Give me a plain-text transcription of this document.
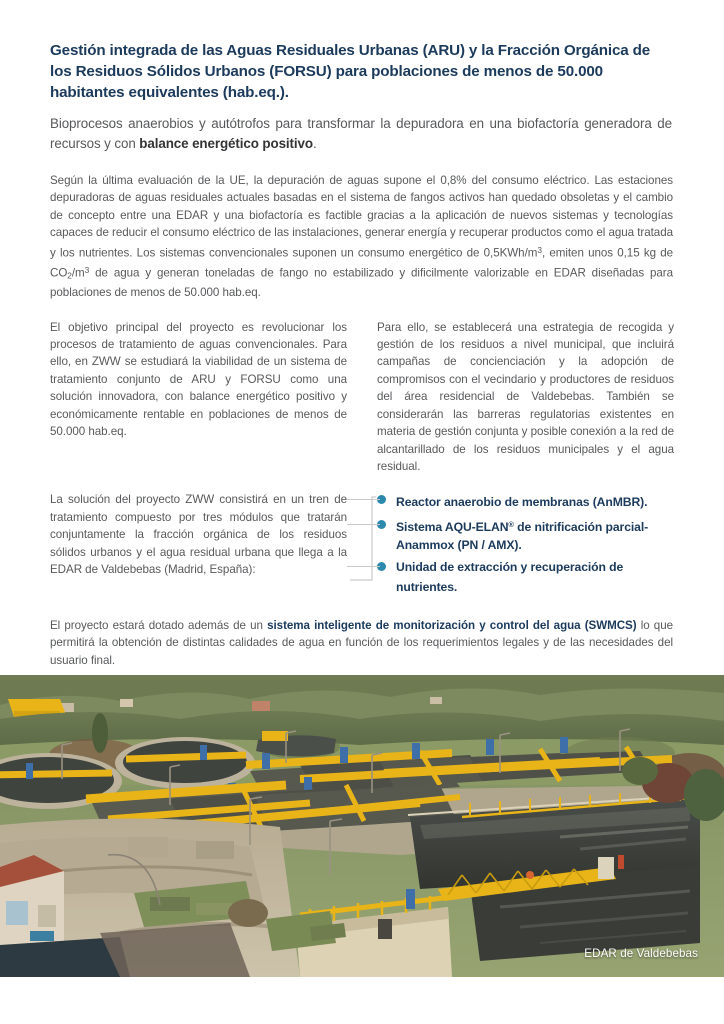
Gestión integrada de las Aguas Residuales Urbanas (ARU) y la Fracción Orgánica de los Residuos Sólidos Urbanos (FORSU) para poblaciones de menos de 50.000 habitantes equivalentes (hab.eq.).

Bioprocesos anaerobios y autótrofos para transformar la depuradora en una biofactoría generadora de recursos y con balance energético positivo.

Según la última evaluación de la UE, la depuración de aguas supone el 0,8% del consumo eléctrico. Las estaciones depuradoras de aguas residuales actuales basadas en el sistema de fangos activos han quedado obsoletas y el cambio de concepto entre una EDAR y una biofactoría es factible gracias a la aplicación de nuevos sistemas y tecnologías capaces de reducir el consumo eléctrico de las instalaciones, generar energía y recuperar productos como el agua tratada y los nutrientes. Los sistemas convencionales suponen un consumo energético de $0,5KWh/m^3$, emiten unos 0,15 kg de $CO_2/m^3$ de agua y generan toneladas de fango no estabilizado y dificilmente valorizable en EDAR diseñadas para poblaciones de menos de 50.000 hab.eq.

El objetivo principal del proyecto es revolucionar los procesos de tratamiento de aguas convencionales. Para ello, en ZWW se estudiará la viabilidad de un sistema de tratamiento conjunto de ARU y FORSU como una solución innovadora, con balance energético positivo y económicamente rentable en poblaciones de menos de 50.000 hab.eq.

Para ello, se establecerá una estrategia de recogida y gestión de los residuos a nivel municipal, que incluirá campañas de concienciación y la adopción de compromisos con el vecindario y productores de residuos del área residencial de Valdebebas. También se considerarán las barreras regulatorias existentes en materia de gestión conjunta y posible conexión a la red de alcantarillado de los residuos municipales y el agua residual.

La solución del proyecto ZWW consistirá en un tren de tratamiento compuesto por tres módulos que tratarán conjuntamente la fracción orgánica de los residuos sólidos urbanos y el agua residual urbana que llega a la EDAR de Valdebebas (Madrid, España):
Reactor anaerobio de membranas (AnMBR).
Sistema AQU-ELAN® de nitrificación parcial-Anammox (PN / AMX).
Unidad de extracción y recuperación de nutrientes.

El proyecto estará dotado además de un sistema inteligente de monitorización y control del agua (SWMCS) lo que permitirá la obtención de distintas calidades de agua en función de los requerimientos legales y de las necesidades del usuario final.

EDAR de Valdebebas
